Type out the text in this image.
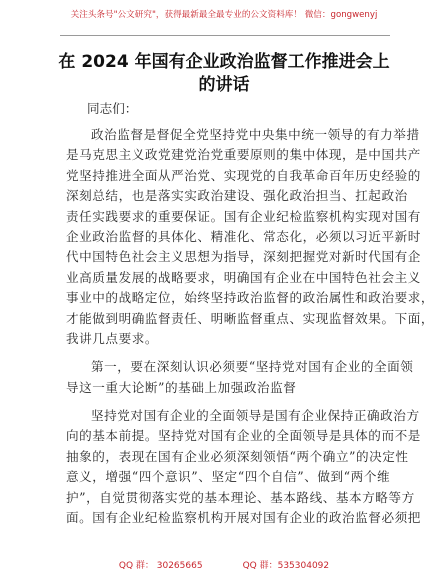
关注头条号"公文研究"，获得最新最全最专业的公文资料库！ 微信：gongwenyj
在 2024 年国有企业政治监督工作推进会上的讲话
同志们：
政治监督是督促全党坚持党中央集中统一领导的有力举措
是马克思主义政党建党治党重要原则的集中体现，是中国共产
党坚持推进全面从严治党、实现党的自我革命百年历史经验的
深刻总结，也是落实实政治建设、强化政治担当、扛起政治
责任实践要求的重要保证。国有企业纪检监察机构实现对国有
企业政治监督的具体化、精准化、常态化，必须以习近平新时
代中国特色社会主义思想为指导，深刻把握党对新时代国有企
业高质量发展的战略要求，明确国有企业在中国特色社会主义
事业中的战略定位，始终坚持政治监督的政治属性和政治要求，
才能做到明确监督责任、明晰监督重点、实现监督效果。下面，
我讲几点要求。
第一，要在深刻认识必须要“坚持党对国有企业的全面领
导这一重大论断”的基础上加强政治监督
坚持党对国有企业的全面领导是国有企业保持正确政治方
向的基本前提。坚持党对国有企业的全面领导是具体的而不是
抽象的，表现在国有企业必须深刻领悟“两个确立”的决定性
意义，增强“四个意识”、坚定“四个自信”、做到“两个维
护”，自觉贯彻落实党的基本理论、基本路线、基本方略等方
面。国有企业纪检监察机构开展对国有企业的政治监督必须把
QQ 群： 30265665	QQ 群：535304092
